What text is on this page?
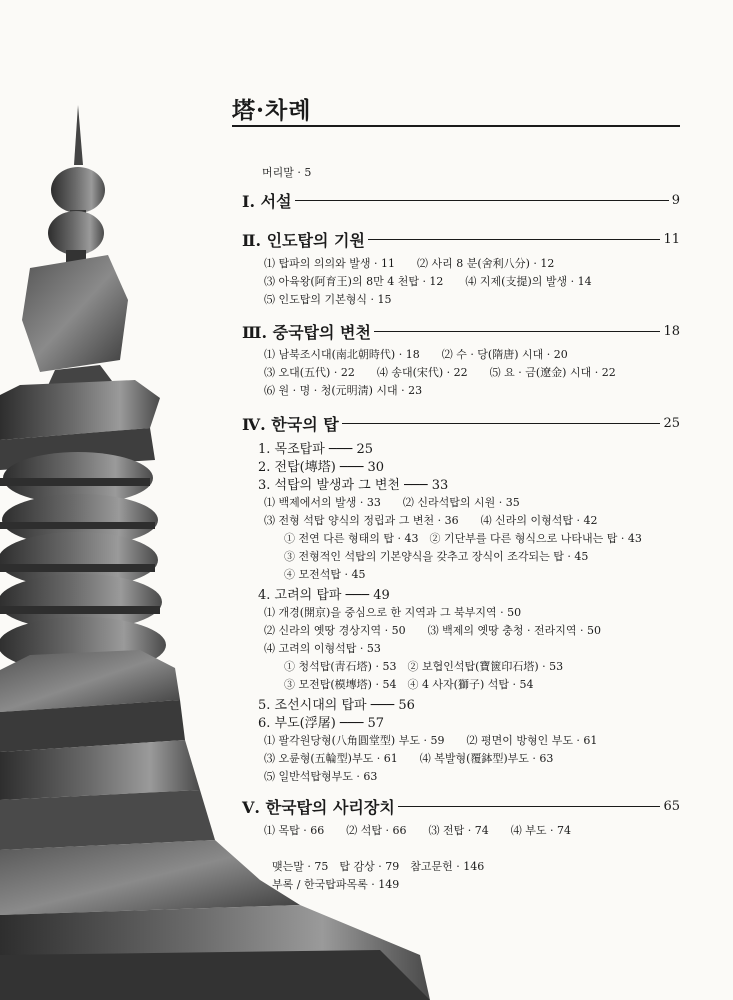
塔·차례
머리말 · 5
Ⅰ. 서설	9
Ⅱ. 인도탑의 기원	11
⑴ 탑파의 의의와 발생 · 11　　⑵ 사리 8 분(舍利八分) · 12
⑶ 아육왕(阿育王)의 8만 4 천탑 · 12　　⑷ 지제(支提)의 발생 · 14
⑸ 인도탑의 기본형식 · 15
Ⅲ. 중국탑의 변천	18
⑴ 남북조시대(南北朝時代) · 18　　⑵ 수 · 당(隋唐) 시대 · 20
⑶ 오대(五代) · 22　　⑷ 송대(宋代) · 22　　⑸ 요 · 금(遼金) 시대 · 22
⑹ 원 · 명 · 청(元明淸) 시대 · 23
Ⅳ. 한국의 탑	25
1. 목조탑파 ─── 25
2. 전탑(塼塔) ─── 30
3. 석탑의 발생과 그 변천 ─── 33
⑴ 백제에서의 발생 · 33　　⑵ 신라석탑의 시원 · 35
⑶ 전형 석탑 양식의 정립과 그 변천 · 36　　⑷ 신라의 이형석탑 · 42
① 전연 다른 형태의 탑 · 43　② 기단부를 다른 형식으로 나타내는 탑 · 43
③ 전형적인 석탑의 기본양식을 갖추고 장식이 조각되는 탑 · 45
④ 모전석탑 · 45
4. 고려의 탑파 ─── 49
⑴ 개경(開京)을 중심으로 한 지역과 그 북부지역 · 50
⑵ 신라의 옛땅 경상지역 · 50　　⑶ 백제의 옛땅 충청 · 전라지역 · 50
⑷ 고려의 이형석탑 · 53
① 청석탑(靑石塔) · 53　② 보협인석탑(寶篋印石塔) · 53
③ 모전탑(模塼塔) · 54　④ 4 사자(獅子) 석탑 · 54
5. 조선시대의 탑파 ─── 56
6. 부도(浮屠) ─── 57
⑴ 팔각원당형(八角圓堂型) 부도 · 59　　⑵ 평면이 방형인 부도 · 61
⑶ 오륜형(五輪型)부도 · 61　　⑷ 복발형(覆鉢型)부도 · 63
⑸ 일반석탑형부도 · 63
Ⅴ. 한국탑의 사리장치	65
⑴ 목탑 · 66　　⑵ 석탑 · 66　　⑶ 전탑 · 74　　⑷ 부도 · 74
맺는말 · 75　탑 감상 · 79　참고문헌 · 146
부록 / 한국탑파목록 · 149
